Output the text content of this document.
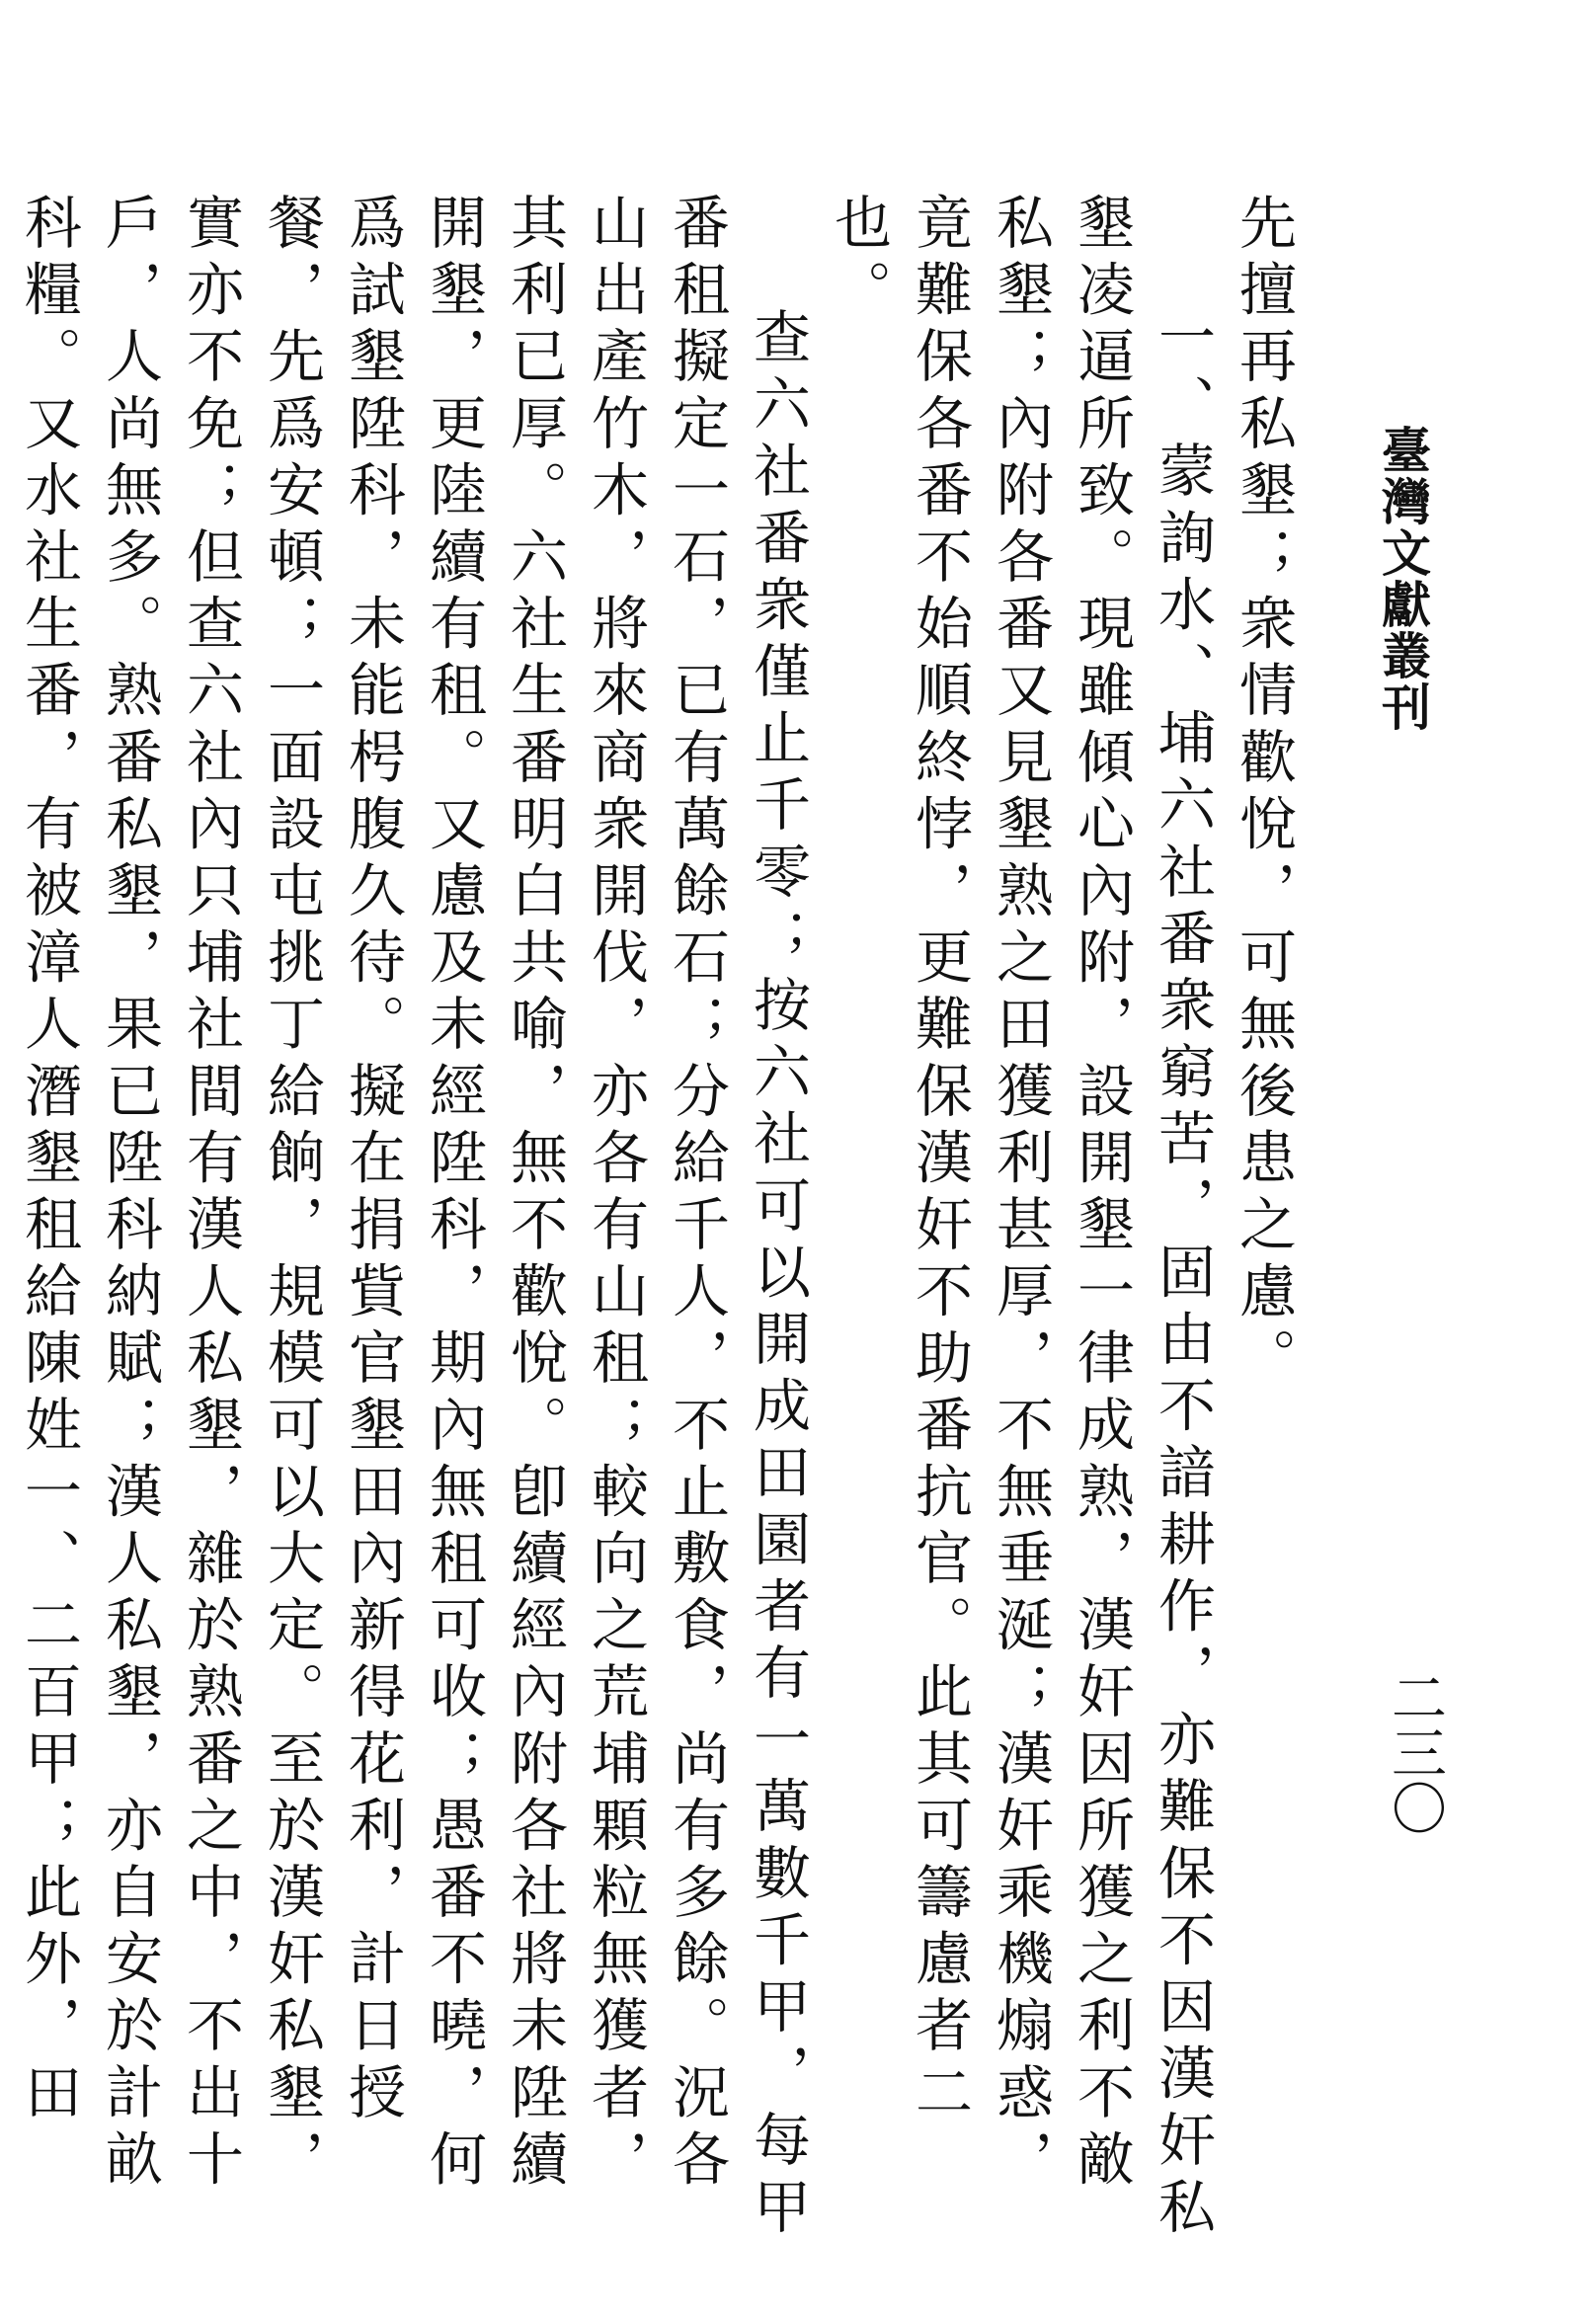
臺灣文獻叢刊
二三〇

先擅再私墾；衆情歡悅，可無後患之慮。

一、蒙詢水、埔六社番衆窮苦，固由不諳耕作，亦難保不因漢奸私墾凌逼所致。現雖傾心內附，設開墾一律成熟，漢奸因所獲之利不敵私墾；內附各番又見墾熟之田獲利甚厚，不無垂涎；漢奸乘機煽惑，竟難保各番不始順終悖，更難保漢奸不助番抗官。此其可籌慮者二也。

查六社番衆僅止千零；按六社可以開成田園者有一萬數千甲，每甲番租擬定一石，已有萬餘石；分給千人，不止敷食，尚有多餘。況各山出產竹木，將來商衆開伐，亦各有山租；較向之荒埔顆粒無獲者，其利已厚。六社生番明白共喻，無不歡悅。卽續經內附各社將未陞續開墾，更陸續有租。又慮及未經陞科，期內無租可收；愚番不曉，何爲試墾陞科，未能枵腹久待。擬在捐貲官墾田內新得花利，計日授餐，先爲安頓；一面設屯挑丁給餉，規模可以大定。至於漢奸私墾，實亦不免；但查六社內只埔社間有漢人私墾，雜於熟番之中，不出十戶，人尚無多。熟番私墾，果已陞科納賦；漢人私墾，亦自安於計畝科糧。又水社生番，有被漳人潛墾租給陳姓一、二百甲；此外，田
